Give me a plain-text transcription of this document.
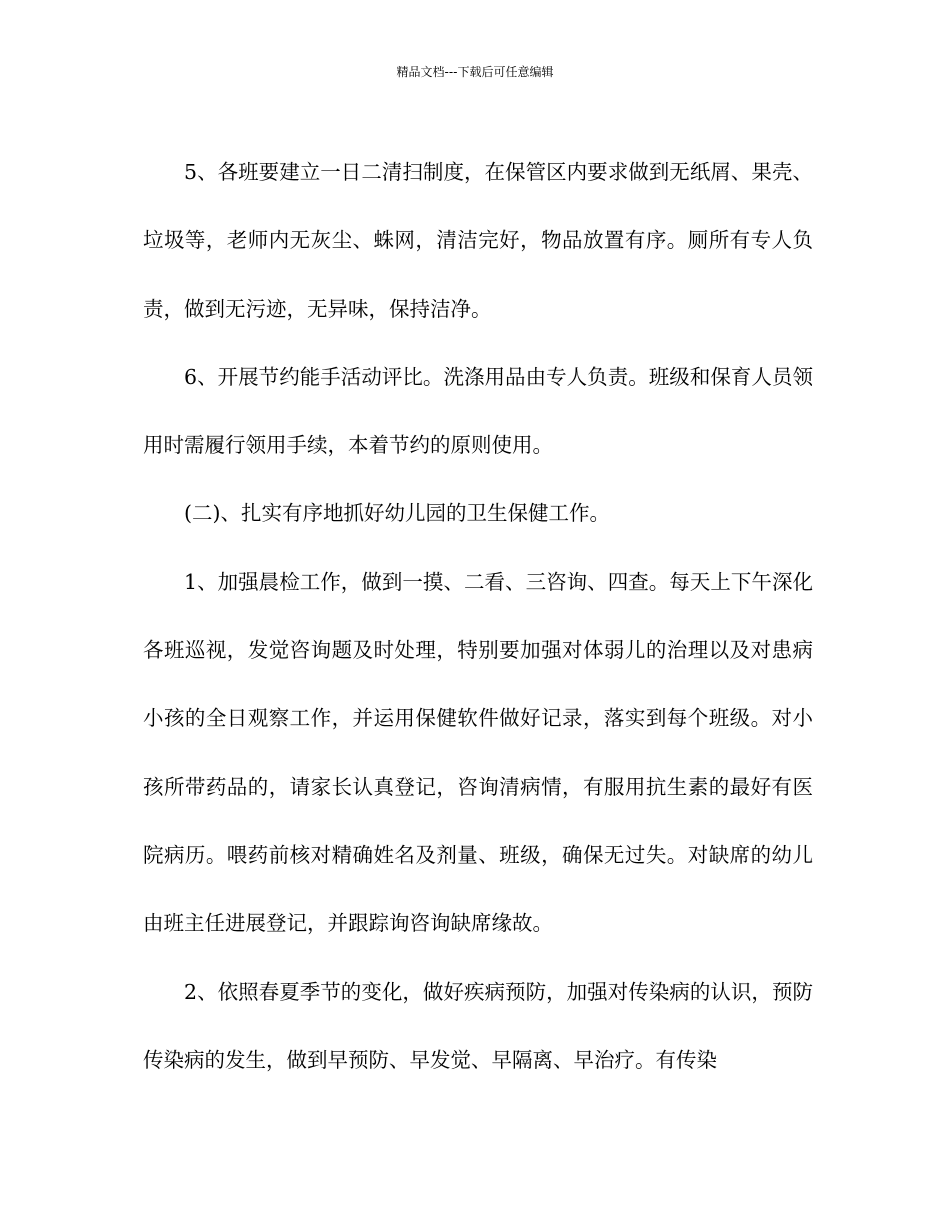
精品文档---下载后可任意编辑

5、各班要建立一日二清扫制度，在保管区内要求做到无纸屑、果壳、垃圾等，老师内无灰尘、蛛网，清洁完好，物品放置有序。厕所有专人负责，做到无污迹，无异味，保持洁净。

6、开展节约能手活动评比。洗涤用品由专人负责。班级和保育人员领用时需履行领用手续，本着节约的原则使用。

(二)、扎实有序地抓好幼儿园的卫生保健工作。

1、加强晨检工作，做到一摸、二看、三咨询、四查。每天上下午深化各班巡视，发觉咨询题及时处理，特别要加强对体弱儿的治理以及对患病小孩的全日观察工作，并运用保健软件做好记录，落实到每个班级。对小孩所带药品的，请家长认真登记，咨询清病情，有服用抗生素的最好有医院病历。喂药前核对精确姓名及剂量、班级，确保无过失。对缺席的幼儿由班主任进展登记，并跟踪询咨询缺席缘故。

2、依照春夏季节的变化，做好疾病预防，加强对传染病的认识，预防传染病的发生，做到早预防、早发觉、早隔离、早治疗。有传染
